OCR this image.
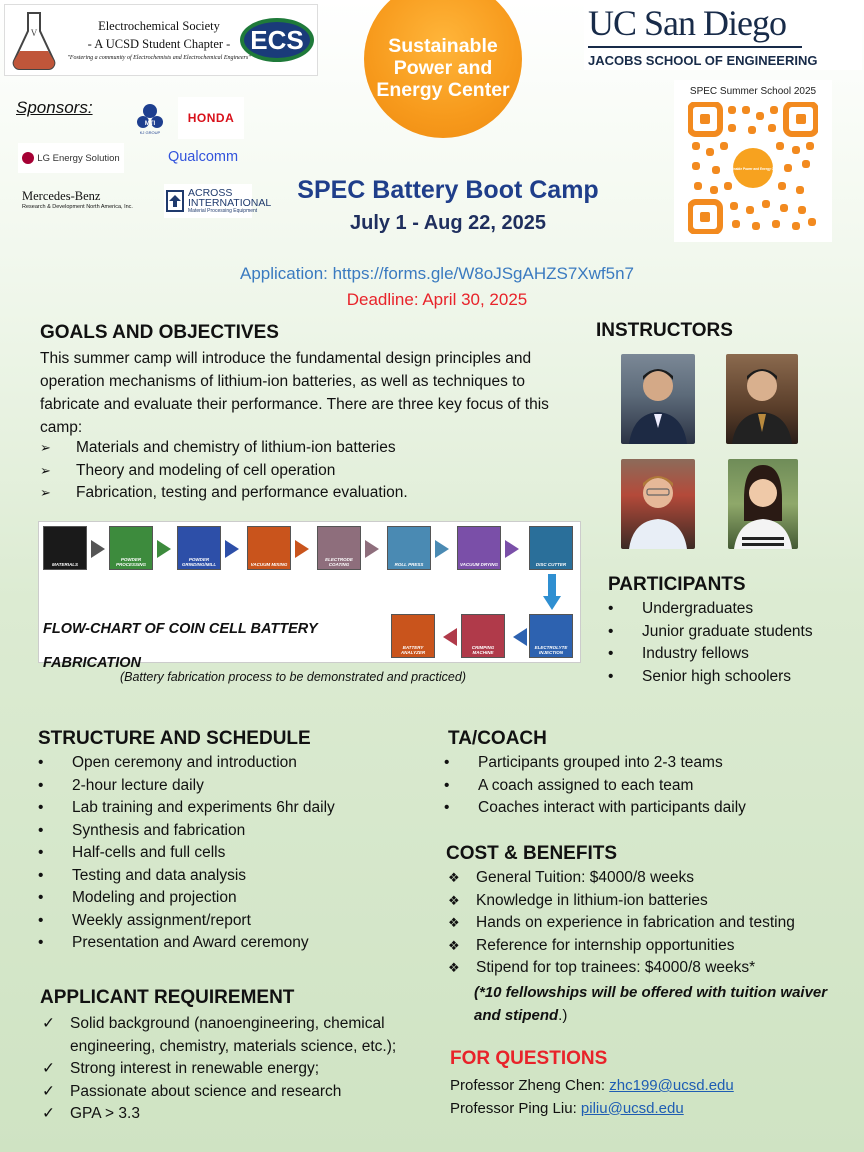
V	Electrochemical Society
- A UCSD Student Chapter -
"Fostering a community of Electrochemists and Electrochemical Engineers"
ECS	Sustainable Power and Energy Center
UC San Diego
JACOBS SCHOOL OF ENGINEERING
SPEC Summer School 2025
Sustainable Power and Energy Center
Sponsors:
MTI
KJ GROUP
HONDA
LG Energy Solution	Qualcomm
Mercedes-Benz
Research & Development North America, Inc.
ACROSS
INTERNATIONAL
Material Processing Equipment
SPEC Battery Boot Camp
July 1 - Aug 22, 2025
Application: https://forms.gle/W8oJSgAHZS7Xwf5n7
Deadline: April 30, 2025
GOALS AND OBJECTIVES
This summer camp will introduce the fundamental design principles and operation mechanisms of lithium-ion batteries, as well as techniques to fabricate and evaluate their performance. There are three key focus of this camp:
➢ Materials and chemistry of lithium-ion batteries
➢ Theory and modeling of cell operation
➢ Fabrication, testing and performance evaluation.
MATERIALS
POWDER PROCESSING
POWDER GRINDING/MILL	VACUUM MIXING
ELECTRODE COATING	ROLL PRESS	VACUUM DRYING	DISC CUTTER
ELECTROLYTE INJECTION
CRIMPING MACHINE
BATTERY ANALYZER
FLOW-CHART OF COIN CELL BATTERY
FABRICATION
(Battery fabrication process to be demonstrated and practiced)
INSTRUCTORS
PARTICIPANTS
• Undergraduates
• Junior graduate students
• Industry fellows
• Senior high schoolers
STRUCTURE AND SCHEDULE
• Open ceremony and introduction
• 2-hour lecture daily
• Lab training and experiments 6hr daily
• Synthesis and fabrication
• Half-cells and full cells
• Testing and data analysis
• Modeling and projection
• Weekly assignment/report
• Presentation and Award ceremony
TA/COACH
• Participants grouped into 2-3 teams
• A coach assigned to each team
• Coaches interact with participants daily
COST & BENEFITS
❖ General Tuition: $4000/8 weeks
❖ Knowledge in lithium-ion batteries
❖ Hands on experience in fabrication and testing
❖ Reference for internship opportunities
❖ Stipend for top trainees: $4000/8 weeks*
(*10 fellowships will be offered with tuition waiver and stipend.)
APPLICANT REQUIREMENT
✓ Solid background (nanoengineering, chemical engineering, chemistry, materials science, etc.);
✓ Strong interest in renewable energy;
✓ Passionate about science and research
✓ GPA > 3.3
FOR QUESTIONS
Professor Zheng Chen: zhc199@ucsd.edu
Professor Ping Liu: piliu@ucsd.edu
